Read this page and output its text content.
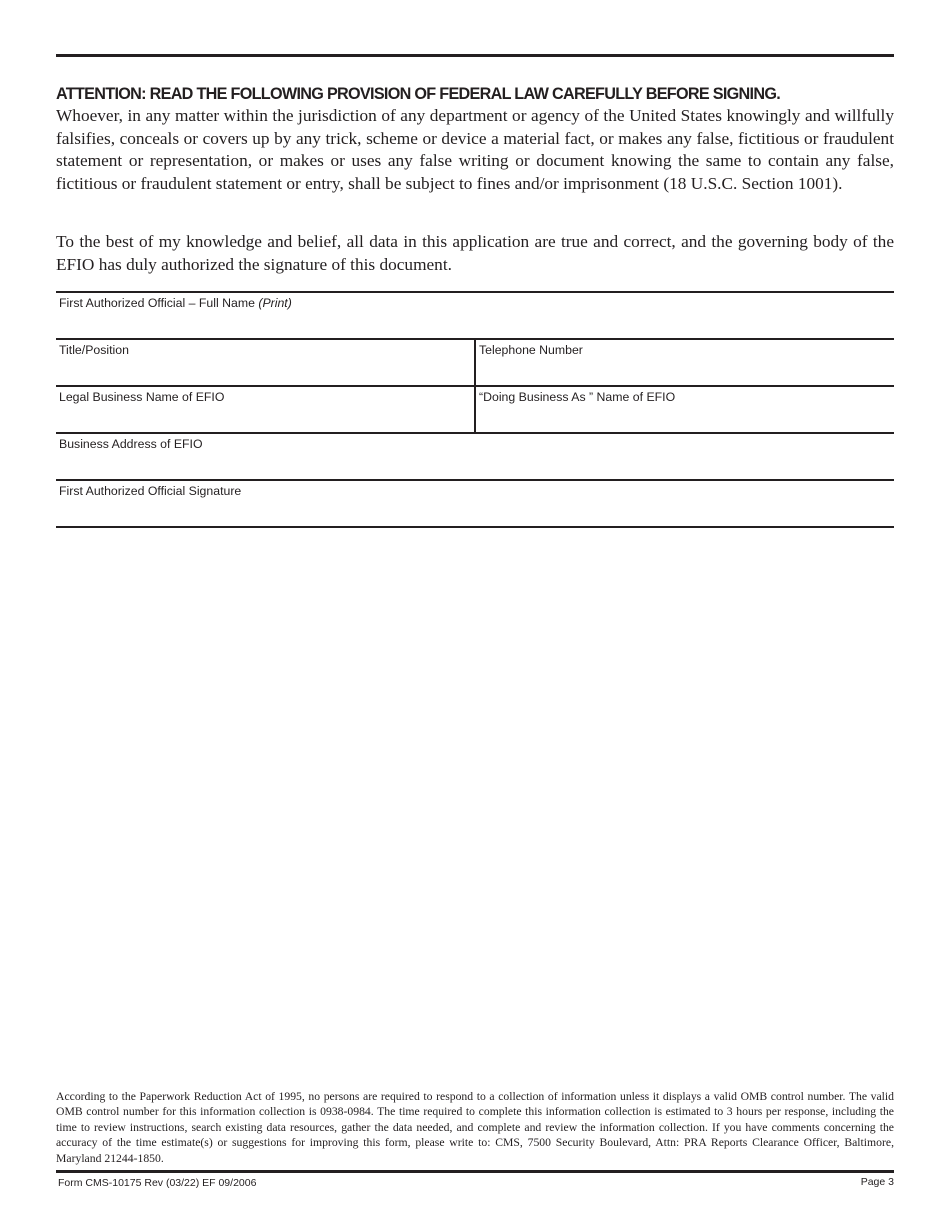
ATTENTION: READ THE FOLLOWING PROVISION OF FEDERAL LAW CAREFULLY BEFORE SIGNING.
Whoever, in any matter within the jurisdiction of any department or agency of the United States knowingly and willfully falsifies, conceals or covers up by any trick, scheme or device a material fact, or makes any false, fictitious or fraudulent statement or representation, or makes or uses any false writing or document knowing the same to contain any false, fictitious or fraudulent statement or entry, shall be subject to fines and/or imprisonment (18 U.S.C. Section 1001).
To the best of my knowledge and belief, all data in this application are true and correct, and the governing body of the EFIO has duly authorized the signature of this document.
First Authorized Official – Full Name (Print)
Title/Position	Telephone Number
Legal Business Name of EFIO	“Doing Business As ” Name of EFIO
Business Address of EFIO
First Authorized Official Signature
According to the Paperwork Reduction Act of 1995, no persons are required to respond to a collection of information unless it displays a valid OMB control number. The valid OMB control number for this information collection is 0938-0984. The time required to complete this information collection is estimated to 3 hours per response, including the time to review instructions, search existing data resources, gather the data needed, and complete and review the information collection. If you have comments concerning the accuracy of the time estimate(s) or suggestions for improving this form, please write to: CMS, 7500 Security Boulevard, Attn: PRA Reports Clearance Officer, Baltimore, Maryland 21244-1850.
Form CMS-10175 Rev (03/22) EF 09/2006	Page 3
